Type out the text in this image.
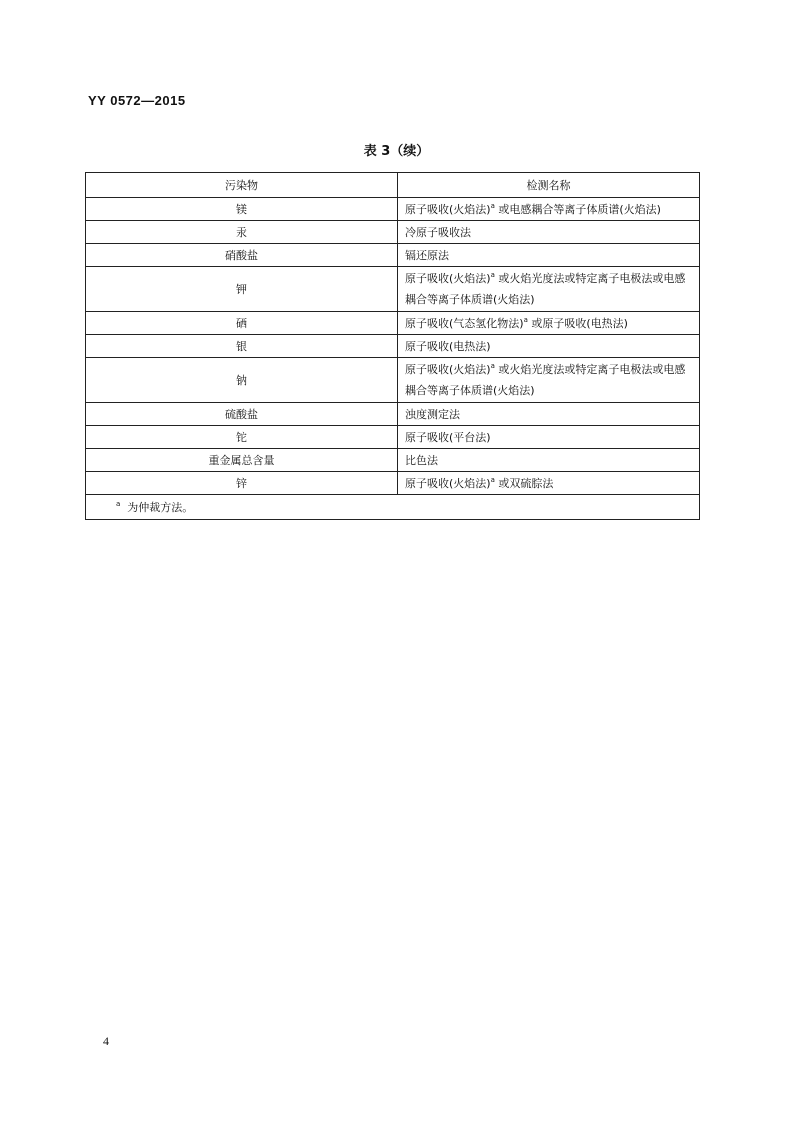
YY 0572—2015
表 3（续）
污染物	检测名称
镁	原子吸收(火焰法)$^a$ 或电感耦合等离子体质谱(火焰法)
汞	冷原子吸收法
硝酸盐	镉还原法
钾	原子吸收(火焰法)$^a$ 或火焰光度法或特定离子电极法或电感耦合等离子体质谱(火焰法)
硒	原子吸收(气态氢化物法)$^a$ 或原子吸收(电热法)
银	原子吸收(电热法)
钠	原子吸收(火焰法)$^a$ 或火焰光度法或特定离子电极法或电感耦合等离子体质谱(火焰法)
硫酸盐	浊度测定法
铊	原子吸收(平台法)
重金属总含量	比色法
锌	原子吸收(火焰法)$^a$ 或双硫腙法
$^a$ 为仲裁方法。	
4
